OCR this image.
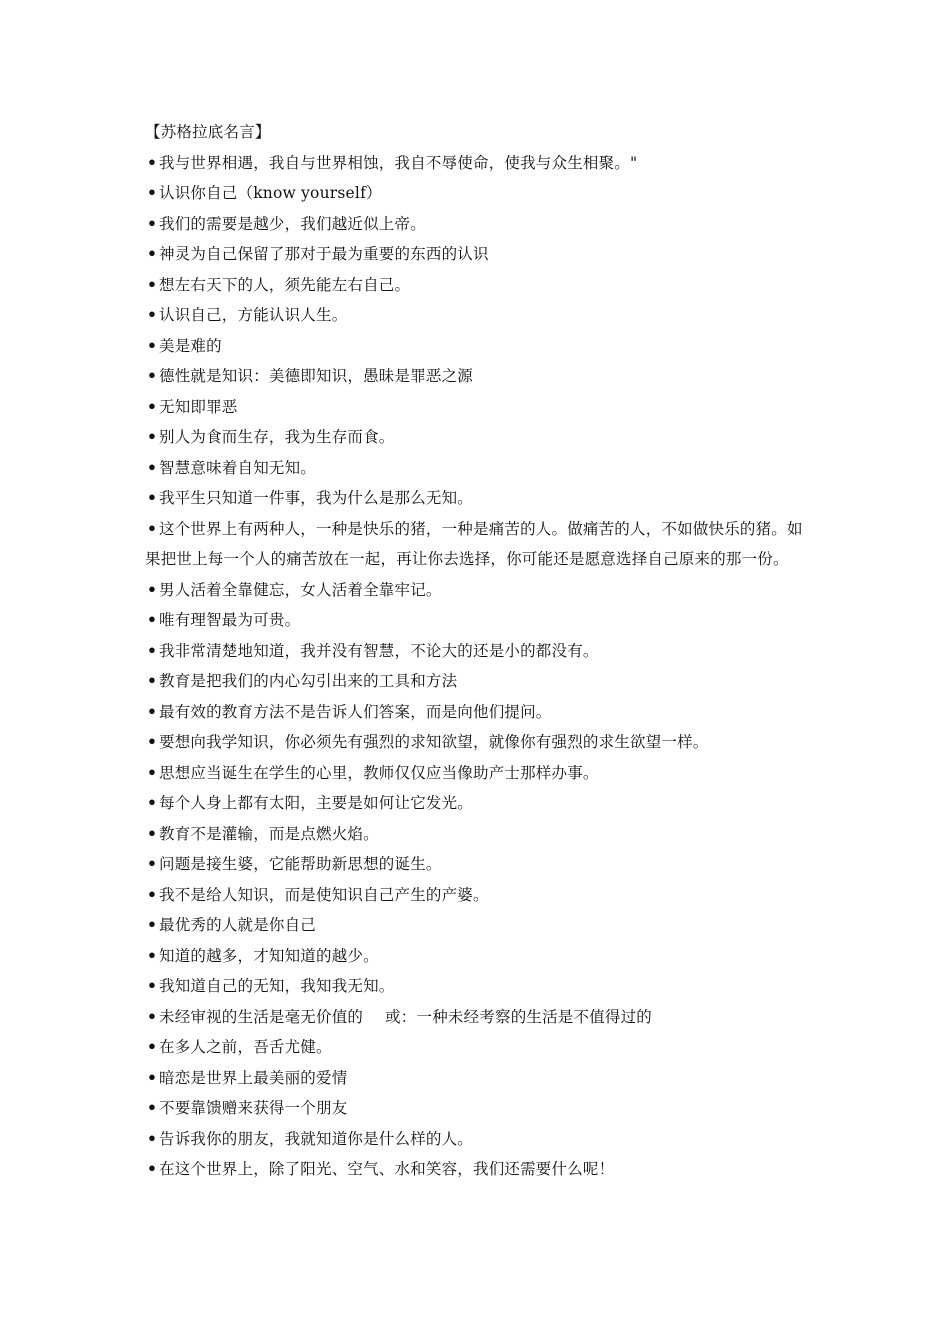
【苏格拉底名言】
• 我与世界相遇，我自与世界相蚀，我自不辱使命，使我与众生相聚。"
• 认识你自己（know yourself）
• 我们的需要是越少，我们越近似上帝。
• 神灵为自己保留了那对于最为重要的东西的认识
• 想左右天下的人，须先能左右自己。
• 认识自己，方能认识人生。
• 美是难的
• 德性就是知识：美德即知识，愚昧是罪恶之源
• 无知即罪恶
• 别人为食而生存，我为生存而食。
• 智慧意味着自知无知。
• 我平生只知道一件事，我为什么是那么无知。
• 这个世界上有两种人，一种是快乐的猪，一种是痛苦的人。做痛苦的人，不如做快乐的猪。如果把世上每一个人的痛苦放在一起，再让你去选择，你可能还是愿意选择自己原来的那一份。
• 男人活着全靠健忘，女人活着全靠牢记。
• 唯有理智最为可贵。
• 我非常清楚地知道，我并没有智慧，不论大的还是小的都没有。
• 教育是把我们的内心勾引出来的工具和方法
• 最有效的教育方法不是告诉人们答案，而是向他们提问。
• 要想向我学知识，你必须先有强烈的求知欲望，就像你有强烈的求生欲望一样。
• 思想应当诞生在学生的心里，教师仅仅应当像助产士那样办事。
• 每个人身上都有太阳，主要是如何让它发光。
• 教育不是灌输，而是点燃火焰。
• 问题是接生婆，它能帮助新思想的诞生。
• 我不是给人知识，而是使知识自己产生的产婆。
• 最优秀的人就是你自己
• 知道的越多，才知知道的越少。
• 我知道自己的无知，我知我无知。
• 未经审视的生活是毫无价值的 或：一种未经考察的生活是不值得过的
• 在多人之前，吾舌尤健。
• 暗恋是世界上最美丽的爱情
• 不要靠馈赠来获得一个朋友
• 告诉我你的朋友，我就知道你是什么样的人。
• 在这个世界上，除了阳光、空气、水和笑容，我们还需要什么呢！
